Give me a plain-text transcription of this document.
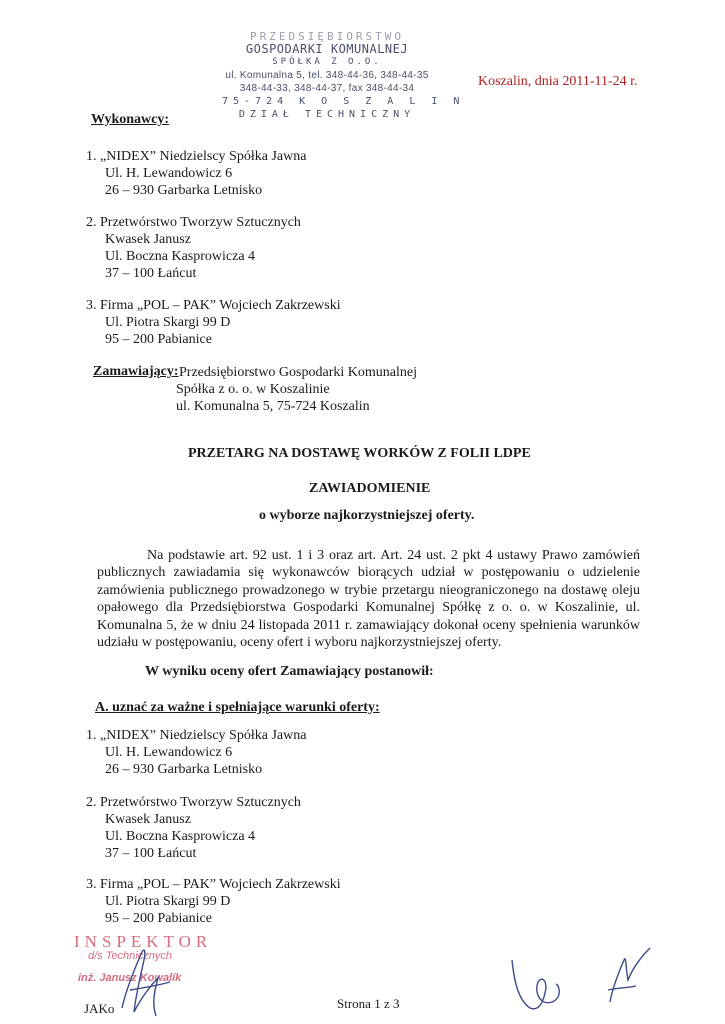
PRZEDSIĘBIORSTWO
GOSPODARKI KOMUNALNEJ
SPÓŁKA Z O.O.
ul. Komunalna 5, tel. 348-44-36, 348-44-35
348-44-33, 348-44-37, fax 348-44-34
75-724 K O S Z A L I N
DZIAŁ TECHNICZNY
Koszalin, dnia 2011-11-24 r.
Wykonawcy:
1. „NIDEX” Niedzielscy Spółka Jawna
Ul. H. Lewandowicz 6
26 – 930 Garbarka Letnisko
2. Przetwórstwo Tworzyw Sztucznych
Kwasek Janusz
Ul. Boczna Kasprowicza 4
37 – 100 Łańcut
3. Firma „POL – PAK” Wojciech Zakrzewski
Ul. Piotra Skargi 99 D
95 – 200 Pabianice
Zamawiający: Przedsiębiorstwo Gospodarki Komunalnej
Spółka z o. o. w Koszalinie
ul. Komunalna 5, 75-724 Koszalin
PRZETARG NA DOSTAWĘ WORKÓW Z FOLII LDPE
ZAWIADOMIENIE
o wyborze najkorzystniejszej oferty.
Na podstawie art. 92 ust. 1 i 3 oraz art. Art. 24 ust. 2 pkt 4 ustawy Prawo zamówień publicznych zawiadamia się wykonawców biorących udział w postępowaniu o udzielenie zamówienia publicznego prowadzonego w trybie przetargu nieograniczonego na dostawę oleju opałowego dla Przedsiębiorstwa Gospodarki Komunalnej Spółkę z o. o. w Koszalinie, ul. Komunalna 5, że w dniu 24 listopada 2011 r. zamawiający dokonał oceny spełnienia warunków udziału w postępowaniu, oceny ofert i wyboru najkorzystniejszej oferty.
W wyniku oceny ofert Zamawiający postanowił:
A. uznać za ważne i spełniające warunki oferty:
1. „NIDEX” Niedzielscy Spółka Jawna
Ul. H. Lewandowicz 6
26 – 930 Garbarka Letnisko
2. Przetwórstwo Tworzyw Sztucznych
Kwasek Janusz
Ul. Boczna Kasprowicza 4
37 – 100 Łańcut
3. Firma „POL – PAK” Wojciech Zakrzewski
Ul. Piotra Skargi 99 D
95 – 200 Pabianice
INSPEKTOR
d/s Technicznych
inż. Janusz Kowalik
JAKo	Strona 1 z 3
